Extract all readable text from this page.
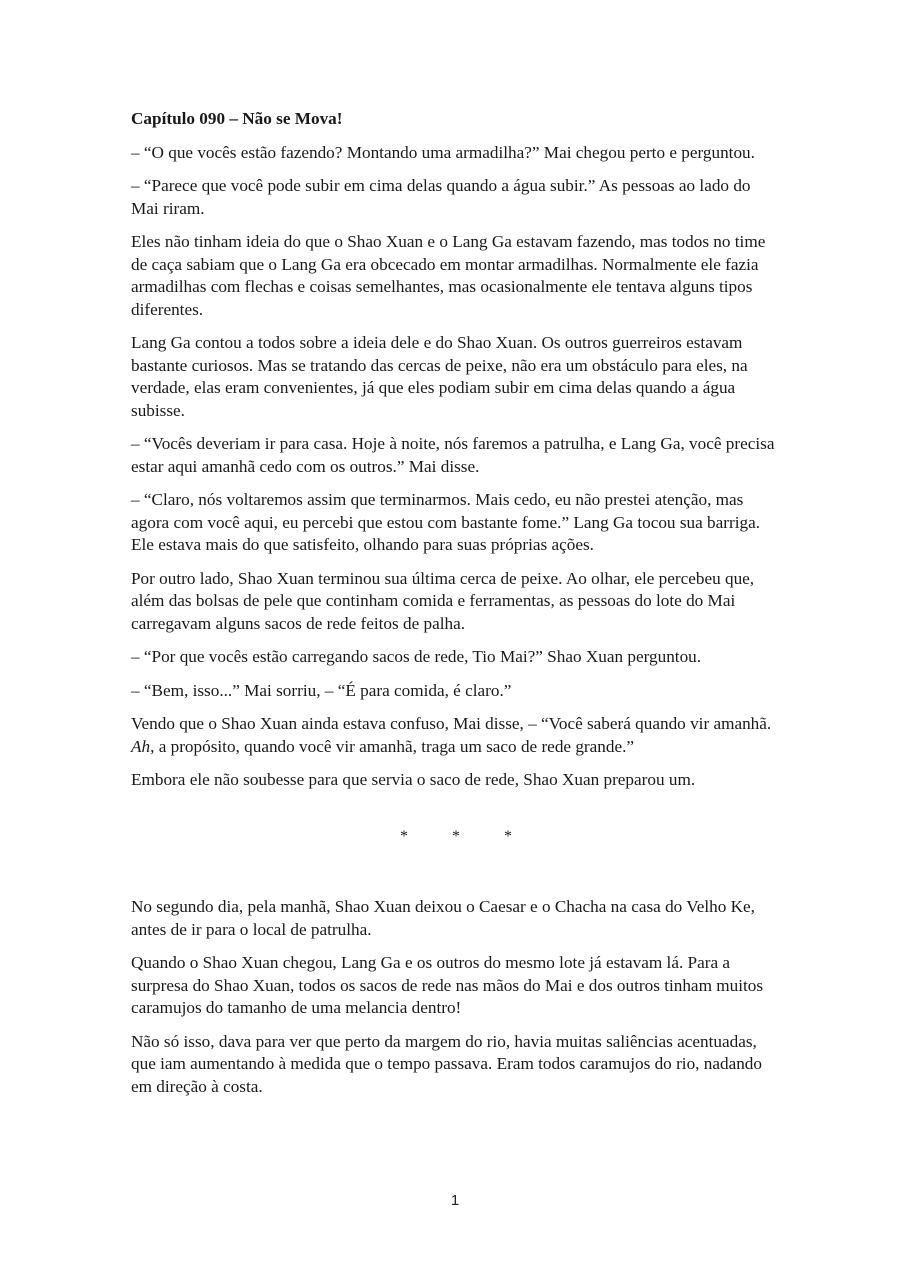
Capítulo 090 – Não se Mova!

– “O que vocês estão fazendo? Montando uma armadilha?” Mai chegou perto e perguntou.

– “Parece que você pode subir em cima delas quando a água subir.” As pessoas ao lado do Mai riram.

Eles não tinham ideia do que o Shao Xuan e o Lang Ga estavam fazendo, mas todos no time de caça sabiam que o Lang Ga era obcecado em montar armadilhas. Normalmente ele fazia armadilhas com flechas e coisas semelhantes, mas ocasionalmente ele tentava alguns tipos diferentes.

Lang Ga contou a todos sobre a ideia dele e do Shao Xuan. Os outros guerreiros estavam bastante curiosos. Mas se tratando das cercas de peixe, não era um obstáculo para eles, na verdade, elas eram convenientes, já que eles podiam subir em cima delas quando a água subisse.

– “Vocês deveriam ir para casa. Hoje à noite, nós faremos a patrulha, e Lang Ga, você precisa estar aqui amanhã cedo com os outros.” Mai disse.

– “Claro, nós voltaremos assim que terminarmos. Mais cedo, eu não prestei atenção, mas agora com você aqui, eu percebi que estou com bastante fome.” Lang Ga tocou sua barriga. Ele estava mais do que satisfeito, olhando para suas próprias ações.

Por outro lado, Shao Xuan terminou sua última cerca de peixe. Ao olhar, ele percebeu que, além das bolsas de pele que continham comida e ferramentas, as pessoas do lote do Mai carregavam alguns sacos de rede feitos de palha.

– “Por que vocês estão carregando sacos de rede, Tio Mai?” Shao Xuan perguntou.

– “Bem, isso...” Mai sorriu, – “É para comida, é claro.”

Vendo que o Shao Xuan ainda estava confuso, Mai disse, – “Você saberá quando vir amanhã. Ah, a propósito, quando você vir amanhã, traga um saco de rede grande.”

Embora ele não soubesse para que servia o saco de rede, Shao Xuan preparou um.

* * *

No segundo dia, pela manhã, Shao Xuan deixou o Caesar e o Chacha na casa do Velho Ke, antes de ir para o local de patrulha.

Quando o Shao Xuan chegou, Lang Ga e os outros do mesmo lote já estavam lá. Para a surpresa do Shao Xuan, todos os sacos de rede nas mãos do Mai e dos outros tinham muitos caramujos do tamanho de uma melancia dentro!

Não só isso, dava para ver que perto da margem do rio, havia muitas saliências acentuadas, que iam aumentando à medida que o tempo passava. Eram todos caramujos do rio, nadando em direção à costa.

1
